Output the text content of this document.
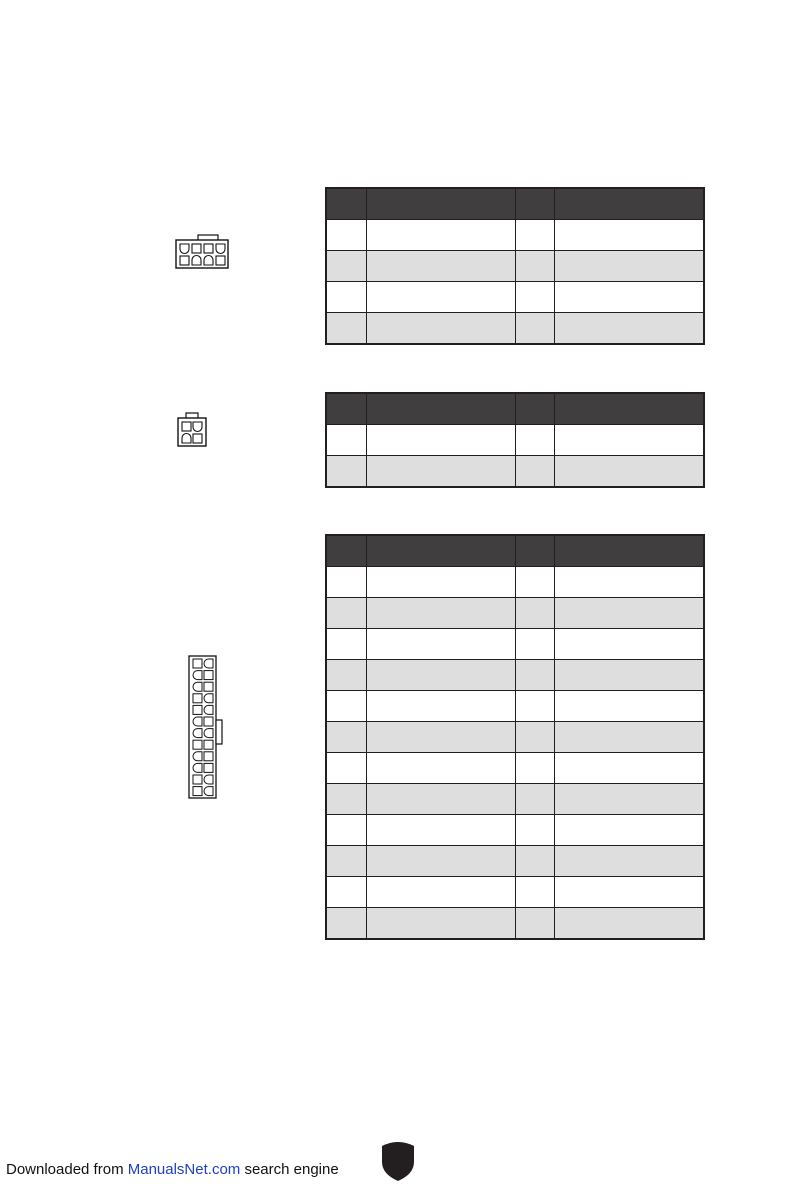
Downloaded from ManualsNet.com search engine
